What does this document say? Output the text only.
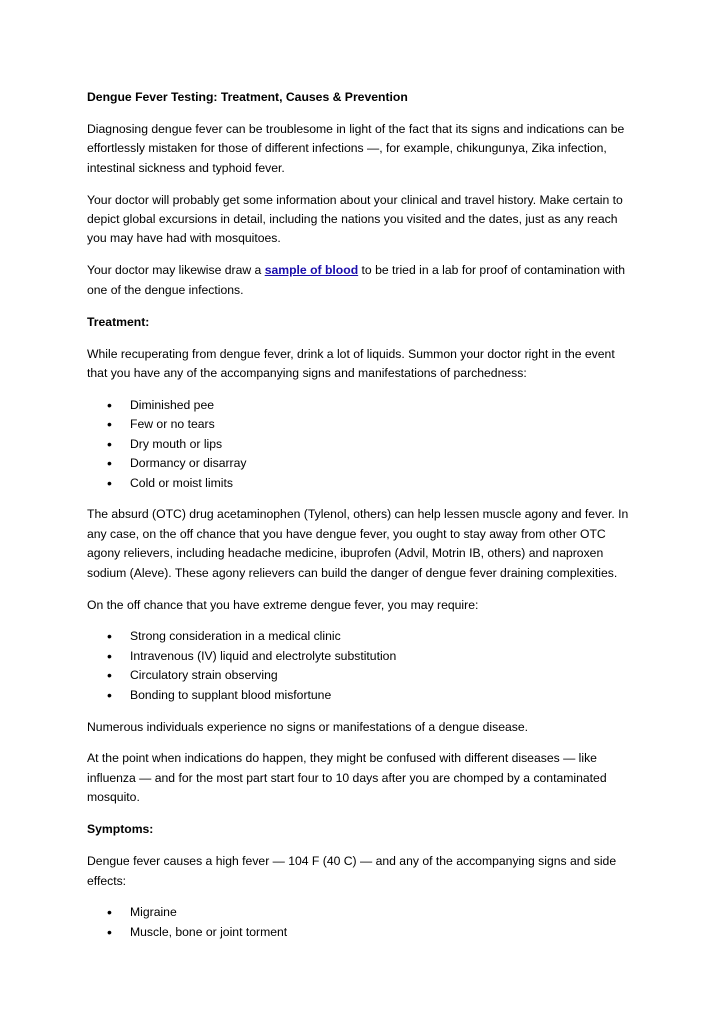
Dengue Fever Testing: Treatment, Causes & Prevention

Diagnosing dengue fever can be troublesome in light of the fact that its signs and indications can be effortlessly mistaken for those of different infections —, for example, chikungunya, Zika infection, intestinal sickness and typhoid fever.

Your doctor will probably get some information about your clinical and travel history. Make certain to depict global excursions in detail, including the nations you visited and the dates, just as any reach you may have had with mosquitoes.

Your doctor may likewise draw a sample of blood to be tried in a lab for proof of contamination with one of the dengue infections.

Treatment:

While recuperating from dengue fever, drink a lot of liquids. Summon your doctor right in the event that you have any of the accompanying signs and manifestations of parchedness:

• Diminished pee
• Few or no tears
• Dry mouth or lips
• Dormancy or disarray
• Cold or moist limits

The absurd (OTC) drug acetaminophen (Tylenol, others) can help lessen muscle agony and fever. In any case, on the off chance that you have dengue fever, you ought to stay away from other OTC agony relievers, including headache medicine, ibuprofen (Advil, Motrin IB, others) and naproxen sodium (Aleve). These agony relievers can build the danger of dengue fever draining complexities.

On the off chance that you have extreme dengue fever, you may require:

• Strong consideration in a medical clinic
• Intravenous (IV) liquid and electrolyte substitution
• Circulatory strain observing
• Bonding to supplant blood misfortune

Numerous individuals experience no signs or manifestations of a dengue disease.

At the point when indications do happen, they might be confused with different diseases — like influenza — and for the most part start four to 10 days after you are chomped by a contaminated mosquito.

Symptoms:

Dengue fever causes a high fever — 104 F (40 C) — and any of the accompanying signs and side effects:

• Migraine
• Muscle, bone or joint torment
